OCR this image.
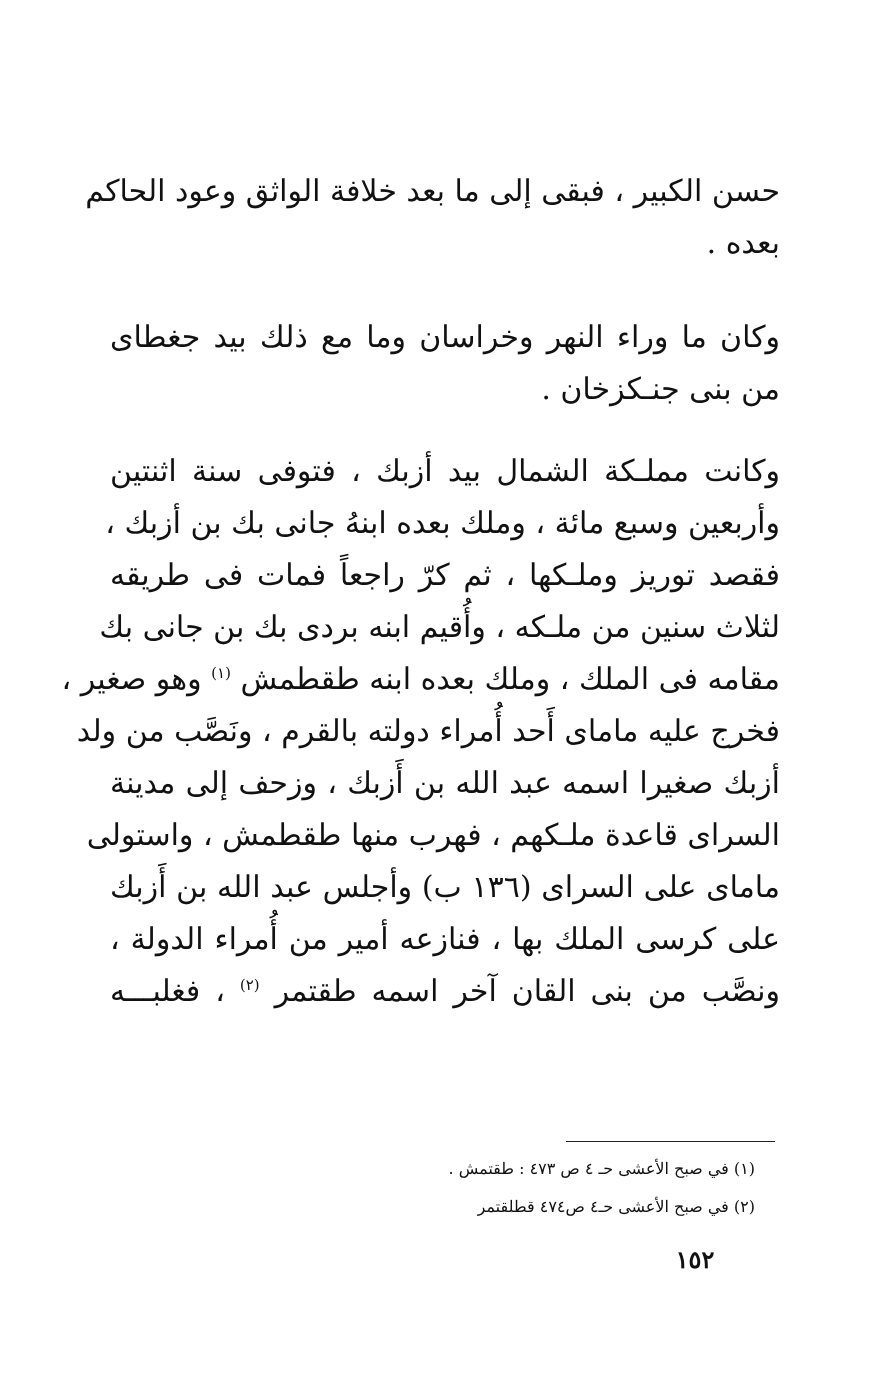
حسن الكبير ، فبقى إلى ما بعد خلافة الواثق وعود الحاكم
بعده .
وكان ما وراء النهر وخراسان وما مع ذلك بيد جغطاى
من بنى جنـكزخان .
وكانت مملـكة الشمال بيد أزبك ، فتوفى سنة اثنتين
وأربعين وسبع مائة ، وملك بعده ابنهُ جانى بك بن أزبك ،
فقصد توريز وملـكها ، ثم كرّ راجعاً فمات فى طريقه
لثلاث سنين من ملـكه ، وأُقيم ابنه بردى بك بن جانى بك
مقامه فى الملك ، وملك بعده ابنه طقطمش $^{(١)}$ وهو صغير ،
فخرج عليه ماماى أَحد أُمراء دولته بالقرم ، ونَصَّب من ولد
أزبك صغيرا اسمه عبد الله بن أَزبك ، وزحف إلى مدينة
السراى قاعدة ملـكهم ، فهرب منها طقطمش ، واستولى
ماماى على السراى (١٣٦ ب) وأجلس عبد الله بن أَزبك
على كرسى الملك بها ، فنازعه أمير من أُمراء الدولة ،
ونصَّب من بنى القان آخر اسمه طقتمر $^{(٢)}$ ، فغلبـــه
(١) في صبح الأعشى حـ ٤ ص ٤٧٣ : طقتمش .
(٢) في صبح الأعشى حـ٤ ص٤٧٤ قطلقتمر
١٥٢
